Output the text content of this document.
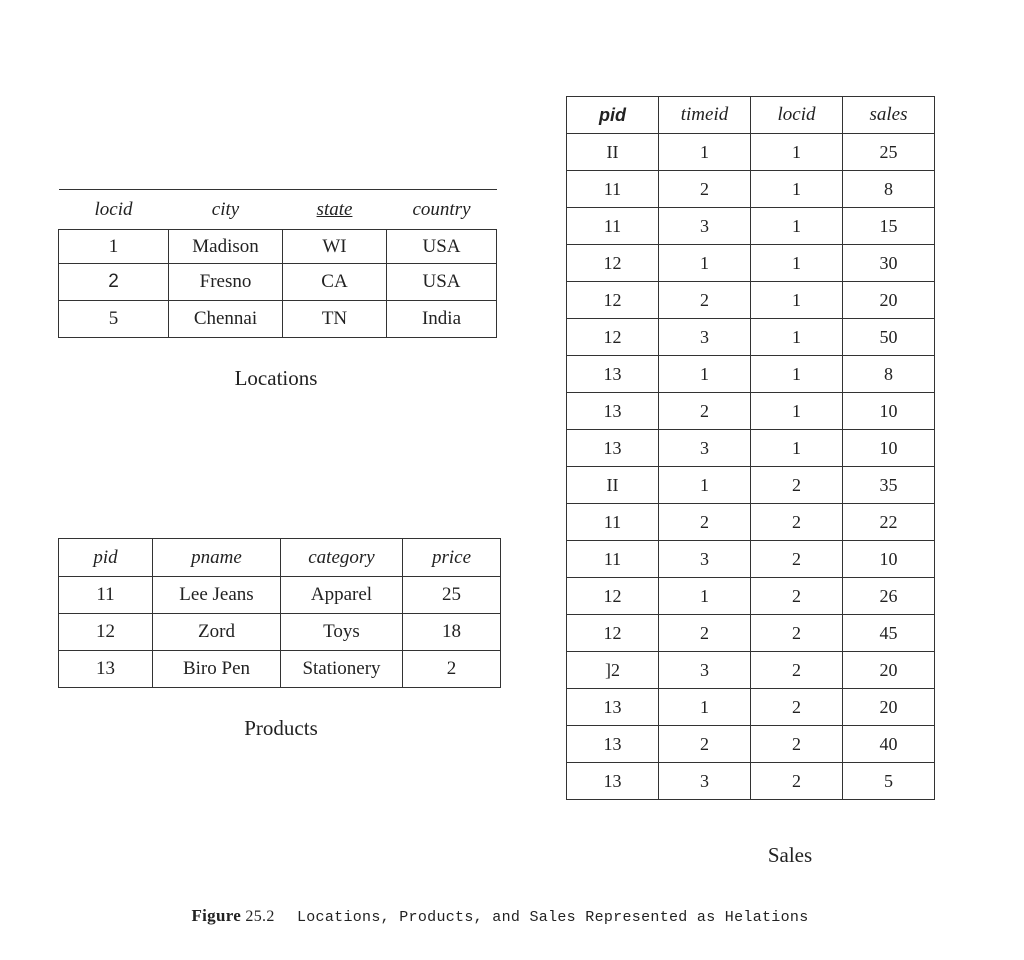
locid	city	state	country
1	Madison	WI	USA
2	Fresno	CA	USA
5	Chennai	TN	India
Locations
pid	pname	category	price
11	Lee Jeans	Apparel	25
12	Zord	Toys	18
13	Biro Pen	Stationery	2
Products
pid	timeid	locid	sales
II	1	1	25
11	2	1	8
11	3	1	15
12	1	1	30
12	2	1	20
12	3	1	50
13	1	1	8
13	2	1	10
13	3	1	10
II	1	2	35
11	2	2	22
11	3	2	10
12	1	2	26
12	2	2	45
]2	3	2	20
13	1	2	20
13	2	2	40
13	3	2	5
Sales
Figure 25.2 Locations, Products, and Sales Represented as Helations
